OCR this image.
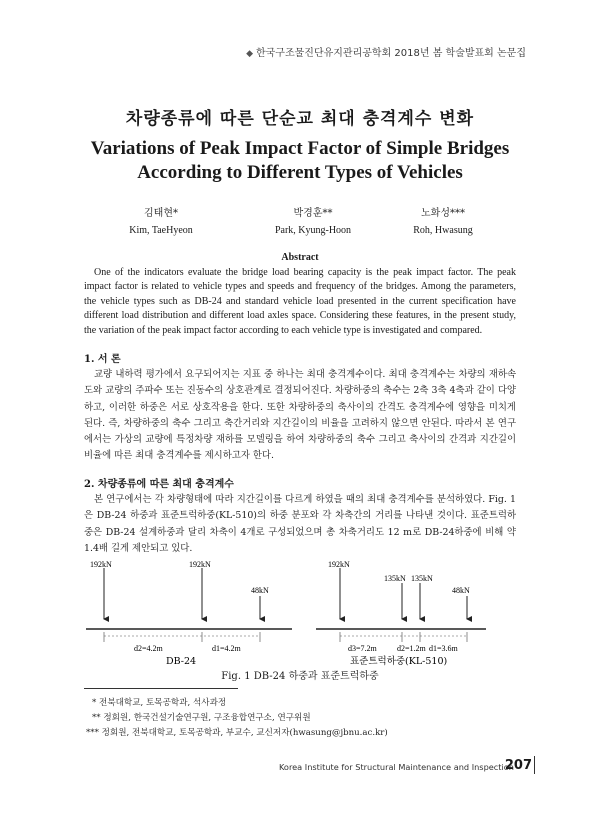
◆ 한국구조물진단유지관리공학회 2018년 봄 학술발표회 논문집
차량종류에 따른 단순교 최대 충격계수 변화
Variations of Peak Impact Factor of Simple Bridges
According to Different Types of Vehicles
김태현*
Kim, TaeHyeon
박경훈**
Park, Kyung-Hoon
노화성***
Roh, Hwasung
Abstract
One of the indicators evaluate the bridge load bearing capacity is the peak impact factor. The peak impact factor is related to vehicle types and speeds and frequency of the bridges. Among the parameters, the vehicle types such as DB-24 and standard vehicle load presented in the current specification have different load distribution and different load axles space. Considering these features, in the present study, the variation of the peak impact factor according to each vehicle type is investigated and compared.
1. 서 론
교량 내하력 평가에서 요구되어지는 지표 중 하나는 최대 충격계수이다. 최대 충격계수는 차량의 재하속도와 교량의 주파수 또는 진동수의 상호관계로 결정되어진다. 차량하중의 축수는 2축 3축 4축과 같이 다양하고, 이러한 하중은 서로 상호작용을 한다. 또한 차량하중의 축사이의 간격도 충격계수에 영향을 미치게 된다. 즉, 차량하중의 축수 그리고 축간거리와 지간길이의 비율을 고려하지 않으면 안된다. 따라서 본 연구에서는 가상의 교량에 특정차량 재하를 모델링을 하여 차량하중의 축수 그리고 축사이의 간격과 지간길이 비율에 따른 최대 충격계수를 제시하고자 한다.
2. 차량종류에 따른 최대 충격계수
본 연구에서는 각 차량형태에 따라 지간길이를 다르게 하였을 때의 최대 충격계수를 분석하였다. Fig. 1은 DB-24 하중과 표준트럭하중(KL-510)의 하중 분포와 각 차축간의 거리를 나타낸 것이다. 표준트럭하중은 DB-24 설계하중과 달리 차축이 4개로 구성되었으며 총 차축거리도 12 m로 DB-24하중에 비해 약 1.4배 길게 제안되고 있다.
192kN	192kN
48kN
d2=4.2m	d1=4.2m
DB-24
192kN
135kN 135kN
48kN
d3=7.2m	d2=1.2m d1=3.6m
표준트럭하중(KL-510)
Fig. 1 DB-24 하중과 표준트럭하중
* 전북대학교, 토목공학과, 석사과정
** 정회원, 한국건설기술연구원, 구조융합연구소, 연구위원
*** 정회원, 전북대학교, 토목공학과, 부교수, 교신저자(hwasung@jbnu.ac.kr)
Korea Institute for Structural Maintenance and Inspection
207
